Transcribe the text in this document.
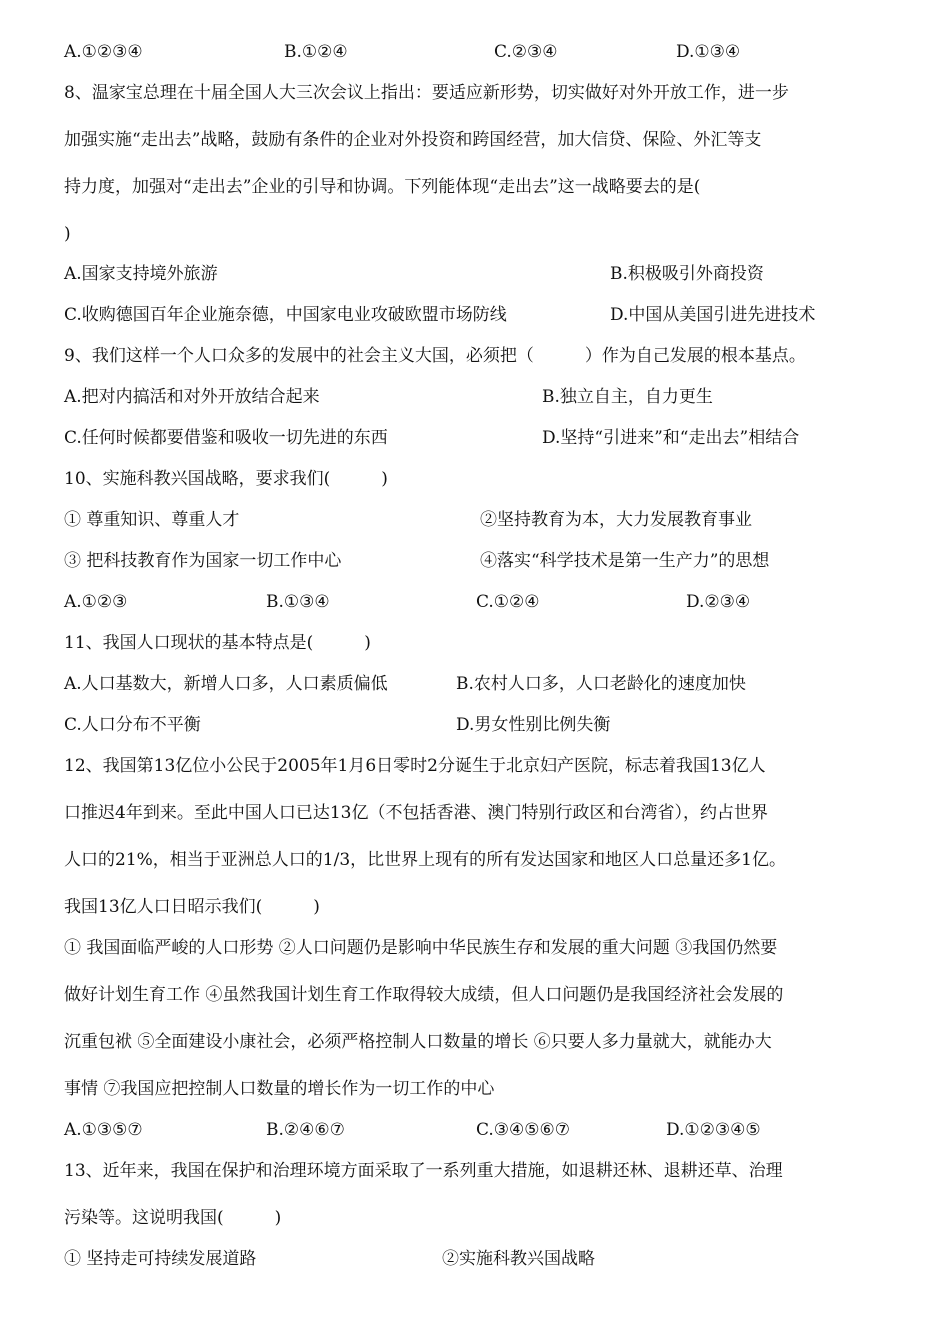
A.①②③④	B.①②④	C.②③④	D.①③④
8、温家宝总理在十届全国人大三次会议上指出：要适应新形势，切实做好对外开放工作，进一步
加强实施“走出去”战略，鼓励有条件的企业对外投资和跨国经营，加大信贷、保险、外汇等支
持力度，加强对“走出去”企业的引导和协调。下列能体现“走出去”这一战略要去的是(
)
A.国家支持境外旅游	B.积极吸引外商投资
C.收购德国百年企业施奈德，中国家电业攻破欧盟市场防线	D.中国从美国引进先进技术
9、我们这样一个人口众多的发展中的社会主义大国，必须把（　　　）作为自己发展的根本基点。
A.把对内搞活和对外开放结合起来	B.独立自主，自力更生
C.任何时候都要借鉴和吸收一切先进的东西	D.坚持“引进来”和“走出去”相结合
10、实施科教兴国战略，要求我们(　　　)
① 尊重知识、尊重人才	②坚持教育为本，大力发展教育事业
③ 把科技教育作为国家一切工作中心	④落实“科学技术是第一生产力”的思想
A.①②③	B.①③④	C.①②④	D.②③④
11、我国人口现状的基本特点是(　　　)
A.人口基数大，新增人口多，人口素质偏低	B.农村人口多，人口老龄化的速度加快
C.人口分布不平衡	D.男女性别比例失衡
12、我国第13亿位小公民于2005年1月6日零时2分诞生于北京妇产医院，标志着我国13亿人
口推迟4年到来。至此中国人口已达13亿（不包括香港、澳门特别行政区和台湾省），约占世界
人口的21%，相当于亚洲总人口的1/3，比世界上现有的所有发达国家和地区人口总量还多1亿。
我国13亿人口日昭示我们(　　　)
① 我国面临严峻的人口形势 ②人口问题仍是影响中华民族生存和发展的重大问题 ③我国仍然要
做好计划生育工作 ④虽然我国计划生育工作取得较大成绩，但人口问题仍是我国经济社会发展的
沉重包袱 ⑤全面建设小康社会，必须严格控制人口数量的增长 ⑥只要人多力量就大，就能办大
事情 ⑦我国应把控制人口数量的增长作为一切工作的中心
A.①③⑤⑦	B.②④⑥⑦	C.③④⑤⑥⑦	D.①②③④⑤
13、近年来，我国在保护和治理环境方面采取了一系列重大措施，如退耕还林、退耕还草、治理
污染等。这说明我国(　　　)
① 坚持走可持续发展道路	②实施科教兴国战略
